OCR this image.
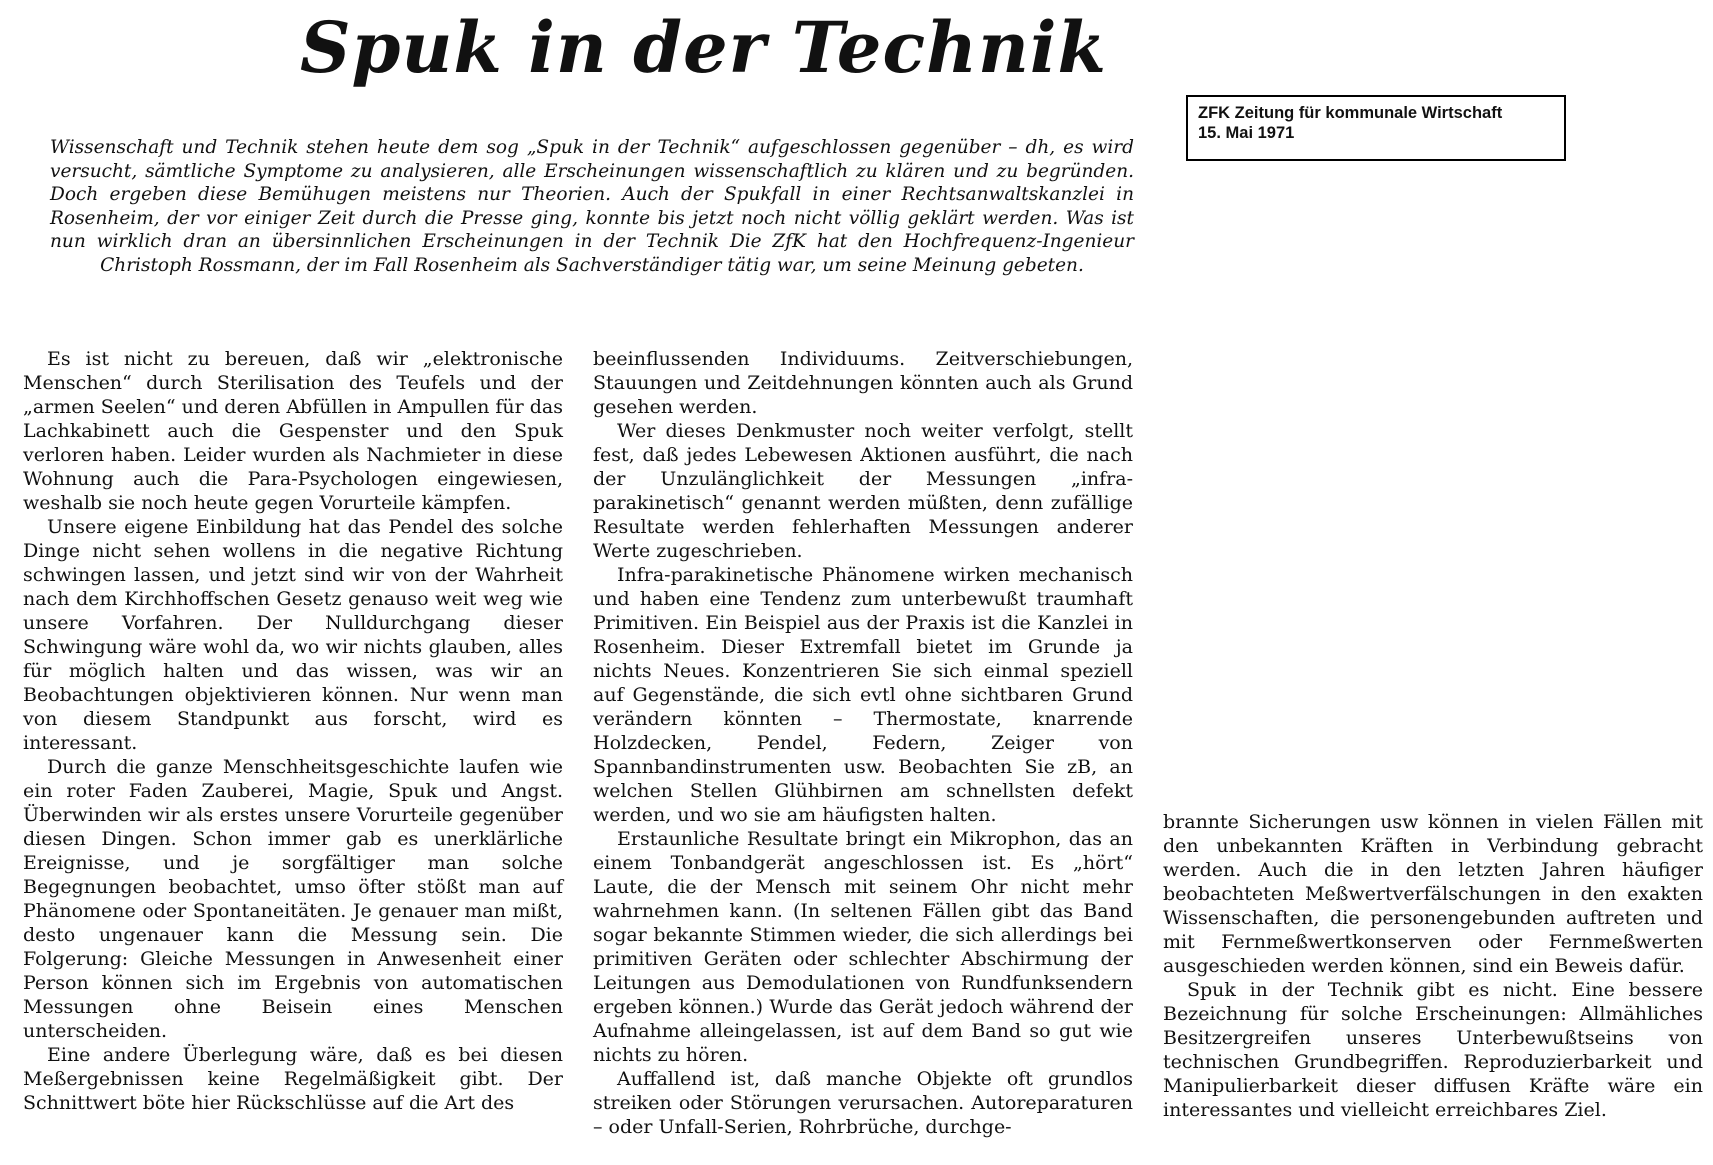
Spuk in der Technik
ZFK Zeitung für kommunale Wirtschaft
15. Mai 1971
Wissenschaft und Technik stehen heute dem sog „Spuk in der Technik“ aufgeschlossen gegenüber – dh, es wird versucht, sämtliche Symptome zu analysieren, alle Erscheinungen wissenschaftlich zu klären und zu begründen. Doch ergeben diese Bemühugen meistens nur Theorien. Auch der Spukfall in einer Rechtsanwaltskanzlei in Rosenheim, der vor einiger Zeit durch die Presse ging, konnte bis jetzt noch nicht völlig geklärt werden. Was ist nun wirklich dran an übersinnlichen Erscheinungen in der Technik Die ZfK hat den Hochfrequenz-Ingenieur Christoph Rossmann, der im Fall Rosenheim als Sachverständiger tätig war, um seine Meinung gebeten.

Es ist nicht zu bereuen, daß wir „elektronische Menschen“ durch Sterilisation des Teufels und der „armen Seelen“ und deren Abfüllen in Ampullen für das Lachkabinett auch die Gespenster und den Spuk verloren haben. Leider wurden als Nachmieter in diese Wohnung auch die Para-Psychologen eingewiesen, weshalb sie noch heute gegen Vorurteile kämpfen.

Unsere eigene Einbildung hat das Pendel des solche Dinge nicht sehen wollens in die negative Richtung schwingen lassen, und jetzt sind wir von der Wahrheit nach dem Kirchhoffschen Gesetz genauso weit weg wie unsere Vorfahren. Der Nulldurchgang dieser Schwingung wäre wohl da, wo wir nichts glauben, alles für möglich halten und das wissen, was wir an Beobachtungen objektivieren können. Nur wenn man von diesem Standpunkt aus forscht, wird es interessant.

Durch die ganze Menschheitsgeschichte laufen wie ein roter Faden Zauberei, Magie, Spuk und Angst. Überwinden wir als erstes unsere Vorurteile gegenüber diesen Dingen. Schon immer gab es unerklärliche Ereignisse, und je sorgfältiger man solche Begegnungen beobachtet, umso öfter stößt man auf Phänomene oder Spontaneitäten. Je genauer man mißt, desto ungenauer kann die Messung sein. Die Folgerung: Gleiche Messungen in Anwesenheit einer Person können sich im Ergebnis von automatischen Messungen ohne Beisein eines Menschen unterscheiden.

Eine andere Überlegung wäre, daß es bei diesen Meßergebnissen keine Regelmäßigkeit gibt. Der Schnittwert böte hier Rückschlüsse auf die Art des

beeinflussenden Individuums. Zeitverschiebungen, Stauungen und Zeitdehnungen könnten auch als Grund gesehen werden.

Wer dieses Denkmuster noch weiter verfolgt, stellt fest, daß jedes Lebewesen Aktionen ausführt, die nach der Unzulänglichkeit der Messungen „infra-parakinetisch“ genannt werden müßten, denn zufällige Resultate werden fehlerhaften Messungen anderer Werte zugeschrieben.

Infra-parakinetische Phänomene wirken mechanisch und haben eine Tendenz zum unterbewußt traumhaft Primitiven. Ein Beispiel aus der Praxis ist die Kanzlei in Rosenheim. Dieser Extremfall bietet im Grunde ja nichts Neues. Konzentrieren Sie sich einmal speziell auf Gegenstände, die sich evtl ohne sichtbaren Grund verändern könnten – Thermostate, knarrende Holzdecken, Pendel, Federn, Zeiger von Spannbandinstrumenten usw. Beobachten Sie zB, an welchen Stellen Glühbirnen am schnellsten defekt werden, und wo sie am häufigsten halten.

Erstaunliche Resultate bringt ein Mikrophon, das an einem Tonbandgerät angeschlossen ist. Es „hört“ Laute, die der Mensch mit seinem Ohr nicht mehr wahrnehmen kann. (In seltenen Fällen gibt das Band sogar bekannte Stimmen wieder, die sich allerdings bei primitiven Geräten oder schlechter Abschirmung der Leitungen aus Demodulationen von Rundfunksendern ergeben können.) Wurde das Gerät jedoch während der Aufnahme alleingelassen, ist auf dem Band so gut wie nichts zu hören.

Auffallend ist, daß manche Objekte oft grundlos streiken oder Störungen verursachen. Autoreparaturen – oder Unfall-Serien, Rohrbrüche, durchge-

brannte Sicherungen usw können in vielen Fällen mit den unbekannten Kräften in Verbindung gebracht werden. Auch die in den letzten Jahren häufiger beobachteten Meßwertverfälschungen in den exakten Wissenschaften, die personengebunden auftreten und mit Fernmeßwertkonserven oder Fernmeßwerten ausgeschieden werden können, sind ein Beweis dafür.

Spuk in der Technik gibt es nicht. Eine bessere Bezeichnung für solche Erscheinungen: Allmähliches Besitzergreifen unseres Unterbewußtseins von technischen Grundbegriffen. Reproduzierbarkeit und Manipulierbarkeit dieser diffusen Kräfte wäre ein interessantes und vielleicht erreichbares Ziel.
